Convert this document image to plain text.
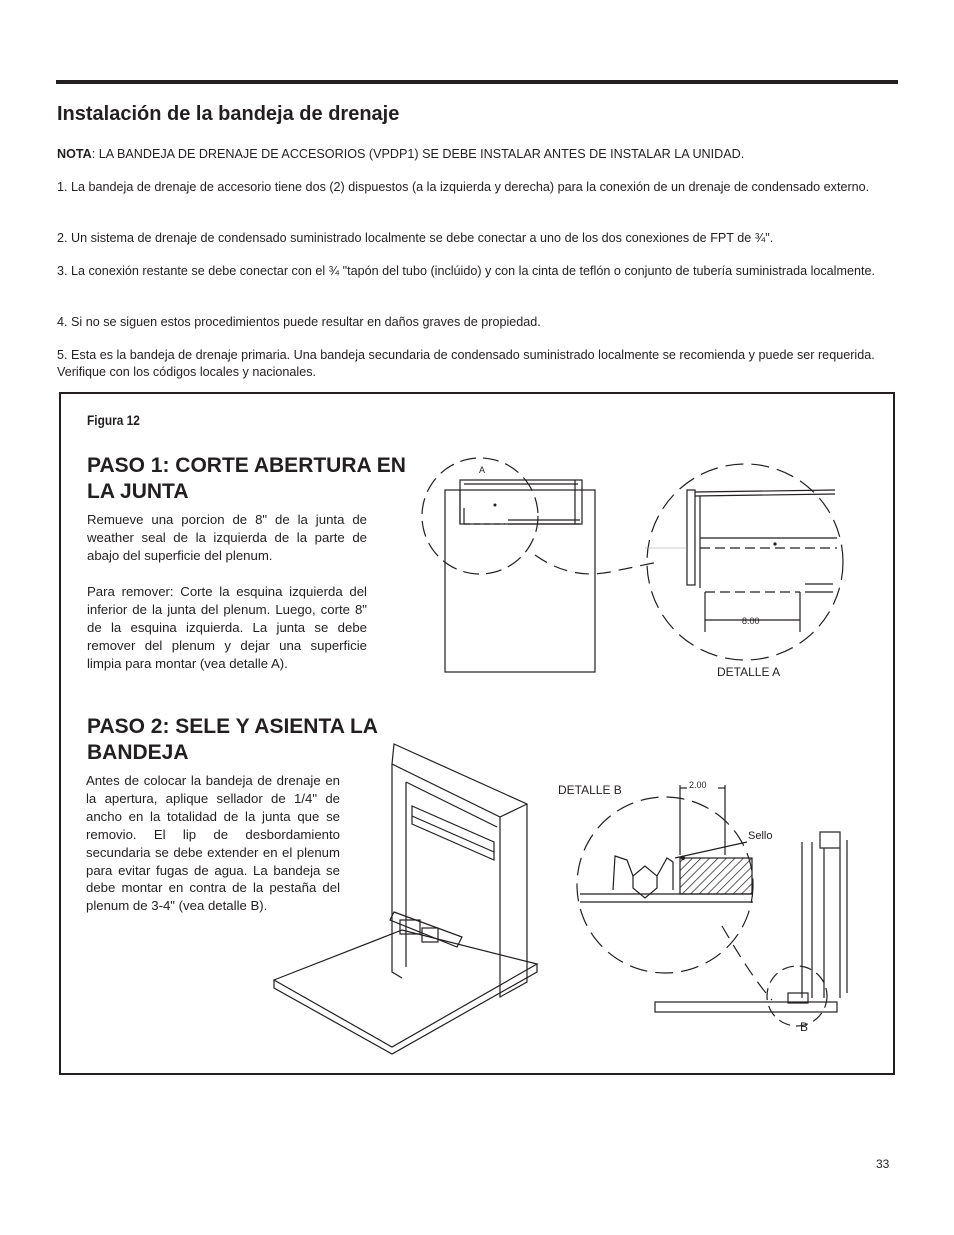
Instalación de la bandeja de drenaje

NOTA: LA BANDEJA DE DRENAJE DE ACCESORIOS (VPDP1) SE DEBE INSTALAR ANTES DE INSTALAR LA UNIDAD.

1. La bandeja de drenaje de accesorio tiene dos (2) dispuestos (a la izquierda y derecha) para la conexión de un drenaje de condensado externo.

2. Un sistema de drenaje de condensado suministrado localmente se debe conectar a uno de los dos conexiones de FPT de ¾".

3. La conexión restante se debe conectar con el ¾ "tapón del tubo (inclúido) y con la cinta de teflón o conjunto de tubería suministrada localmente.

4. Si no se siguen estos procedimientos puede resultar en daños graves de propiedad.

5. Esta es la bandeja de drenaje primaria. Una bandeja secundaria de condensado suministrado localmente se recomienda y puede ser requerida. Verifique con los códigos locales y nacionales.

Figura 12
PASO 1: CORTE ABERTURA EN LA JUNTA

Remueve una porcion de 8" de la junta de weather seal de la izquierda de la parte de abajo del superficie del plenum.

Para remover: Corte la esquina izquierda del inferior de la junta del plenum. Luego, corte 8" de la esquina izquierda. La junta se debe remover del plenum y dejar una superficie limpia para montar (vea detalle A).

PASO 2: SELE Y ASIENTA LA BANDEJA

Antes de colocar la bandeja de drenaje en la apertura, aplique sellador de 1/4" de ancho en la totalidad de la junta que se removio. El lip de desbordamiento secundaria se debe extender en el plenum para evitar fugas de agua. La bandeja se debe montar en contra de la pestaña del plenum de 3-4" (vea detalle B).

A
8.00
DETALLE A
DETALLE B	2.00
Sello
B
33
